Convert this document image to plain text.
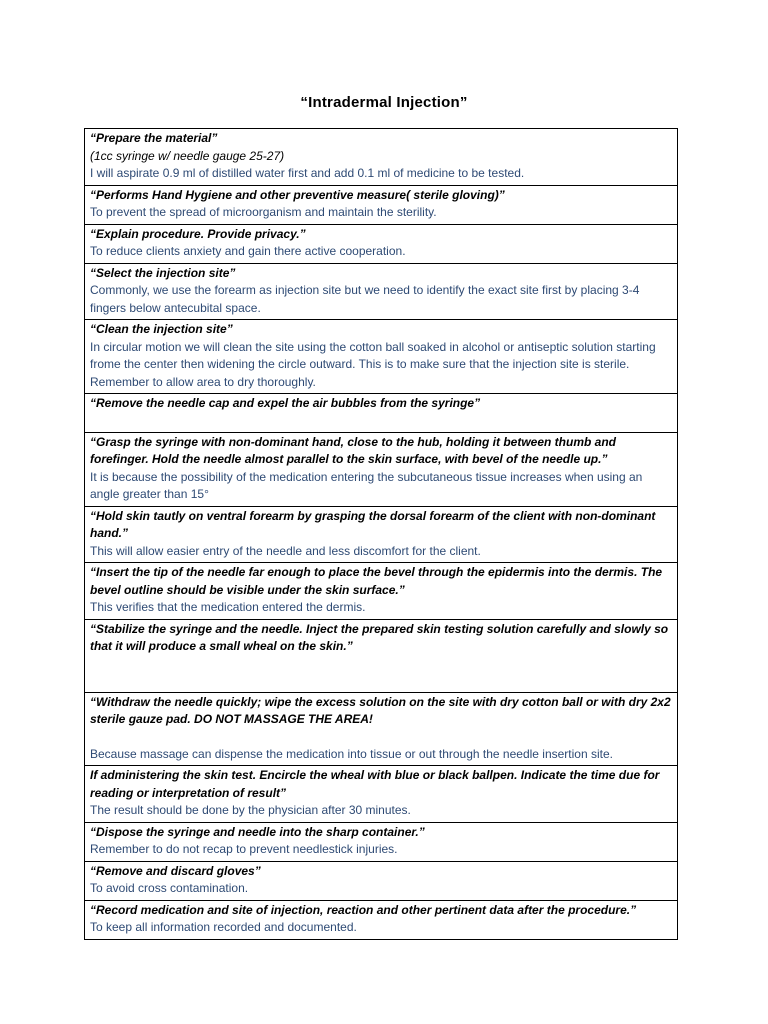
“Intradermal Injection”

“Prepare the material”

(1cc syringe w/ needle gauge 25-27)

I will aspirate 0.9 ml of distilled water first and add 0.1 ml of medicine to be tested.

“Performs Hand Hygiene and other preventive measure( sterile gloving)”

To prevent the spread of microorganism and maintain the sterility.

“Explain procedure. Provide privacy.”

To reduce clients anxiety and gain there active cooperation.

“Select the injection site”

Commonly, we use the forearm as injection site but we need to identify the exact site first by placing 3-4 fingers below antecubital space.

“Clean the injection site”

In circular motion we will clean the site using the cotton ball soaked in alcohol or antiseptic solution starting frome the center then widening the circle outward. This is to make sure that the injection site is sterile. Remember to allow area to dry thoroughly.

“Remove the needle cap and expel the air bubbles from the syringe”

“Grasp the syringe with non-dominant hand, close to the hub, holding it between thumb and forefinger. Hold the needle almost parallel to the skin surface, with bevel of the needle up.”

It is because the possibility of the medication entering the subcutaneous tissue increases when using an angle greater than 15°

“Hold skin tautly on ventral forearm by grasping the dorsal forearm of the client with non-dominant hand.”

This will allow easier entry of the needle and less discomfort for the client.

“Insert the tip of the needle far enough to place the bevel through the epidermis into the dermis. The bevel outline should be visible under the skin surface.”

This verifies that the medication entered the dermis.

“Stabilize the syringe and the needle. Inject the prepared skin testing solution carefully and slowly so that it will produce a small wheal on the skin.”

“Withdraw the needle quickly; wipe the excess solution on the site with dry cotton ball or with dry 2x2 sterile gauze pad. DO NOT MASSAGE THE AREA!

Because massage can dispense the medication into tissue or out through the needle insertion site.

If administering the skin test. Encircle the wheal with blue or black ballpen. Indicate the time due for reading or interpretation of result”

The result should be done by the physician after 30 minutes.

“Dispose the syringe and needle into the sharp container.”

Remember to do not recap to prevent needlestick injuries.

“Remove and discard gloves”

To avoid cross contamination.

“Record medication and site of injection, reaction and other pertinent data after the procedure.”

To keep all information recorded and documented.
